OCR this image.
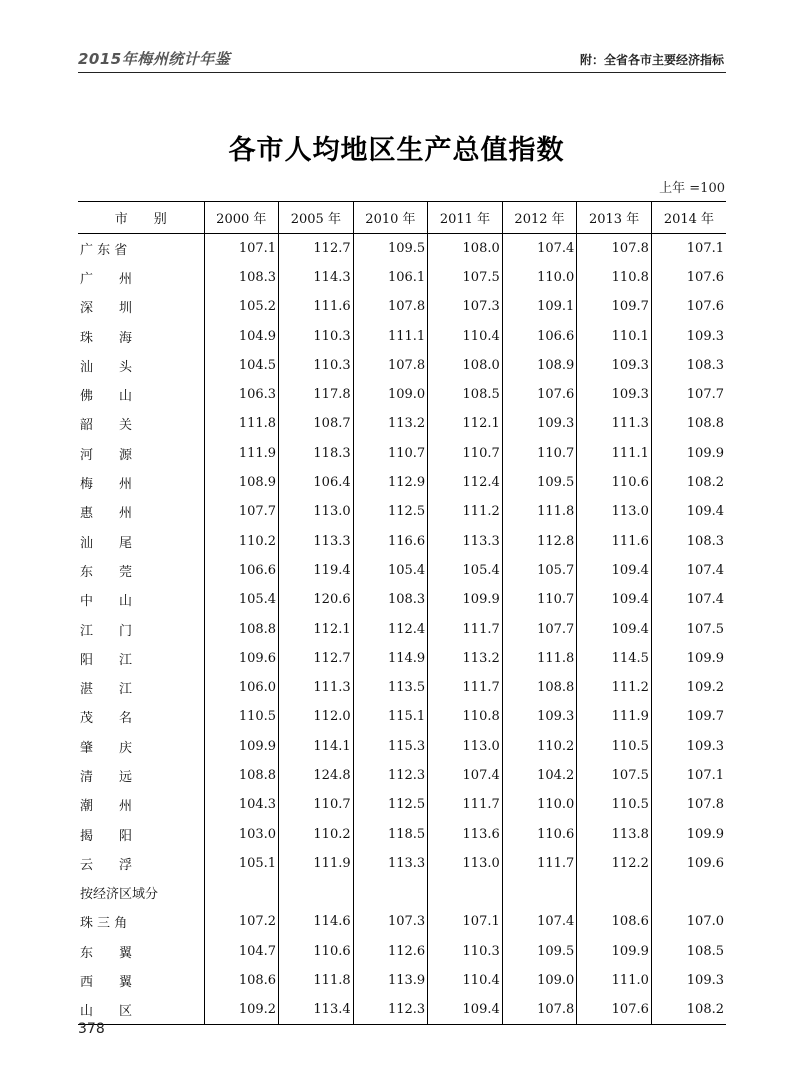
2015年梅州统计年鉴	附：全省各市主要经济指标
各市人均地区生产总值指数
上年 =100
市　　别	2000 年	2005 年	2010 年	2011 年	2012 年	2013 年	2014 年
广 东 省	107.1	112.7	109.5	108.0	107.4	107.8	107.1
广　　州	108.3	114.3	106.1	107.5	110.0	110.8	107.6
深　　圳	105.2	111.6	107.8	107.3	109.1	109.7	107.6
珠　　海	104.9	110.3	111.1	110.4	106.6	110.1	109.3
汕　　头	104.5	110.3	107.8	108.0	108.9	109.3	108.3
佛　　山	106.3	117.8	109.0	108.5	107.6	109.3	107.7
韶　　关	111.8	108.7	113.2	112.1	109.3	111.3	108.8
河　　源	111.9	118.3	110.7	110.7	110.7	111.1	109.9
梅　　州	108.9	106.4	112.9	112.4	109.5	110.6	108.2
惠　　州	107.7	113.0	112.5	111.2	111.8	113.0	109.4
汕　　尾	110.2	113.3	116.6	113.3	112.8	111.6	108.3
东　　莞	106.6	119.4	105.4	105.4	105.7	109.4	107.4
中　　山	105.4	120.6	108.3	109.9	110.7	109.4	107.4
江　　门	108.8	112.1	112.4	111.7	107.7	109.4	107.5
阳　　江	109.6	112.7	114.9	113.2	111.8	114.5	109.9
湛　　江	106.0	111.3	113.5	111.7	108.8	111.2	109.2
茂　　名	110.5	112.0	115.1	110.8	109.3	111.9	109.7
肇　　庆	109.9	114.1	115.3	113.0	110.2	110.5	109.3
清　　远	108.8	124.8	112.3	107.4	104.2	107.5	107.1
潮　　州	104.3	110.7	112.5	111.7	110.0	110.5	107.8
揭　　阳	103.0	110.2	118.5	113.6	110.6	113.8	109.9
云　　浮	105.1	111.9	113.3	113.0	111.7	112.2	109.6
按经济区域分							
珠 三 角	107.2	114.6	107.3	107.1	107.4	108.6	107.0
东　　翼	104.7	110.6	112.6	110.3	109.5	109.9	108.5
西　　翼	108.6	111.8	113.9	110.4	109.0	111.0	109.3
山　　区	109.2	113.4	112.3	109.4	107.8	107.6	108.2
378
